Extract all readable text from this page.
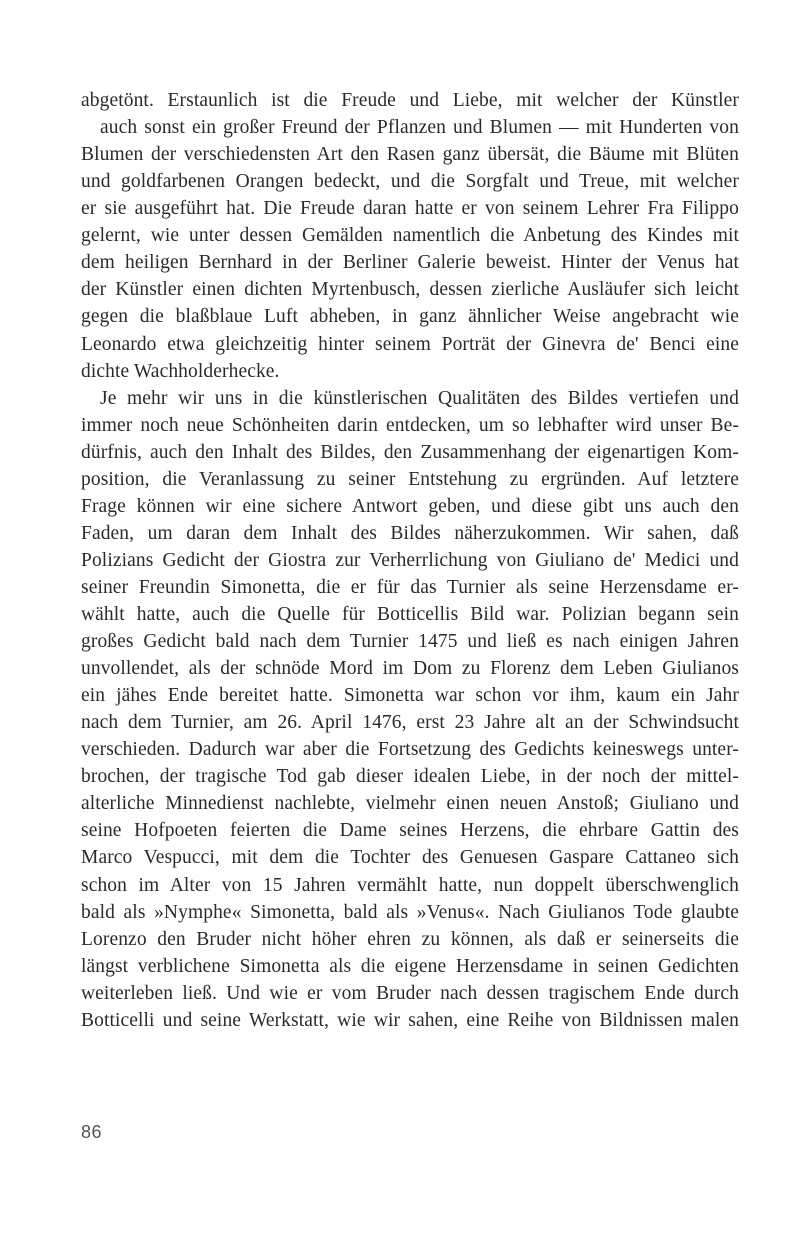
abgetönt. Erstaunlich ist die Freude und Liebe, mit welcher der Künstler
auch sonst ein großer Freund der Pflanzen und Blumen — mit Hunderten von
Blumen der verschiedensten Art den Rasen ganz übersät, die Bäume mit Blüten
und goldfarbenen Orangen bedeckt, und die Sorgfalt und Treue, mit welcher
er sie ausgeführt hat. Die Freude daran hatte er von seinem Lehrer Fra Filippo
gelernt, wie unter dessen Gemälden namentlich die Anbetung des Kindes mit
dem heiligen Bernhard in der Berliner Galerie beweist. Hinter der Venus hat
der Künstler einen dichten Myrtenbusch, dessen zierliche Ausläufer sich leicht
gegen die blaßblaue Luft abheben, in ganz ähnlicher Weise angebracht wie
Leonardo etwa gleichzeitig hinter seinem Porträt der Ginevra de' Benci eine
dichte Wachholderhecke.
Je mehr wir uns in die künstlerischen Qualitäten des Bildes vertiefen und
immer noch neue Schönheiten darin entdecken, um so lebhafter wird unser Be-
dürfnis, auch den Inhalt des Bildes, den Zusammenhang der eigenartigen Kom-
position, die Veranlassung zu seiner Entstehung zu ergründen. Auf letztere
Frage können wir eine sichere Antwort geben, und diese gibt uns auch den
Faden, um daran dem Inhalt des Bildes näherzukommen. Wir sahen, daß
Polizians Gedicht der Giostra zur Verherrlichung von Giuliano de' Medici und
seiner Freundin Simonetta, die er für das Turnier als seine Herzensdame er-
wählt hatte, auch die Quelle für Botticellis Bild war. Polizian begann sein
großes Gedicht bald nach dem Turnier 1475 und ließ es nach einigen Jahren
unvollendet, als der schnöde Mord im Dom zu Florenz dem Leben Giulianos
ein jähes Ende bereitet hatte. Simonetta war schon vor ihm, kaum ein Jahr
nach dem Turnier, am 26. April 1476, erst 23 Jahre alt an der Schwindsucht
verschieden. Dadurch war aber die Fortsetzung des Gedichts keineswegs unter-
brochen, der tragische Tod gab dieser idealen Liebe, in der noch der mittel-
alterliche Minnedienst nachlebte, vielmehr einen neuen Anstoß; Giuliano und
seine Hofpoeten feierten die Dame seines Herzens, die ehrbare Gattin des
Marco Vespucci, mit dem die Tochter des Genuesen Gaspare Cattaneo sich
schon im Alter von 15 Jahren vermählt hatte, nun doppelt überschwenglich
bald als »Nymphe« Simonetta, bald als »Venus«. Nach Giulianos Tode glaubte
Lorenzo den Bruder nicht höher ehren zu können, als daß er seinerseits die
längst verblichene Simonetta als die eigene Herzensdame in seinen Gedichten
weiterleben ließ. Und wie er vom Bruder nach dessen tragischem Ende durch
Botticelli und seine Werkstatt, wie wir sahen, eine Reihe von Bildnissen malen
86
